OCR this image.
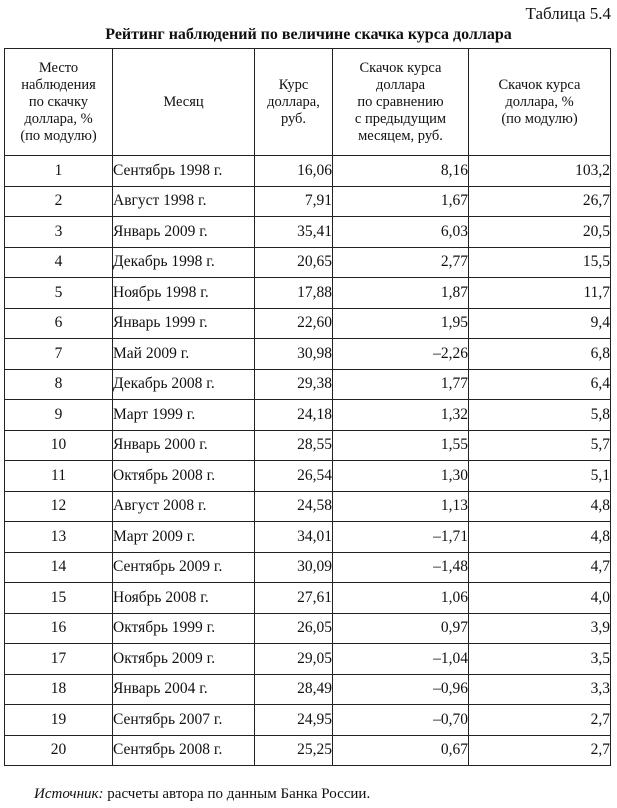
Таблица 5.4
Рейтинг наблюдений по величине скачка курса доллара
Место
наблюдения
по скачку
доллара, %
(по модулю)	Месяц	Курс
доллара,
руб.	Скачок курса
доллара
по сравнению
с предыдущим
месяцем, руб.	Скачок курса
доллара, %
(по модулю)
1	Сентябрь 1998 г.	16,06	8,16	103,2
2	Август 1998 г.	7,91	1,67	26,7
3	Январь 2009 г.	35,41	6,03	20,5
4	Декабрь 1998 г.	20,65	2,77	15,5
5	Ноябрь 1998 г.	17,88	1,87	11,7
6	Январь 1999 г.	22,60	1,95	9,4
7	Май 2009 г.	30,98	–2,26	6,8
8	Декабрь 2008 г.	29,38	1,77	6,4
9	Март 1999 г.	24,18	1,32	5,8
10	Январь 2000 г.	28,55	1,55	5,7
11	Октябрь 2008 г.	26,54	1,30	5,1
12	Август 2008 г.	24,58	1,13	4,8
13	Март 2009 г.	34,01	–1,71	4,8
14	Сентябрь 2009 г.	30,09	–1,48	4,7
15	Ноябрь 2008 г.	27,61	1,06	4,0
16	Октябрь 1999 г.	26,05	0,97	3,9
17	Октябрь 2009 г.	29,05	–1,04	3,5
18	Январь 2004 г.	28,49	–0,96	3,3
19	Сентябрь 2007 г.	24,95	–0,70	2,7
20	Сентябрь 2008 г.	25,25	0,67	2,7
Источник: расчеты автора по данным Банка России.
